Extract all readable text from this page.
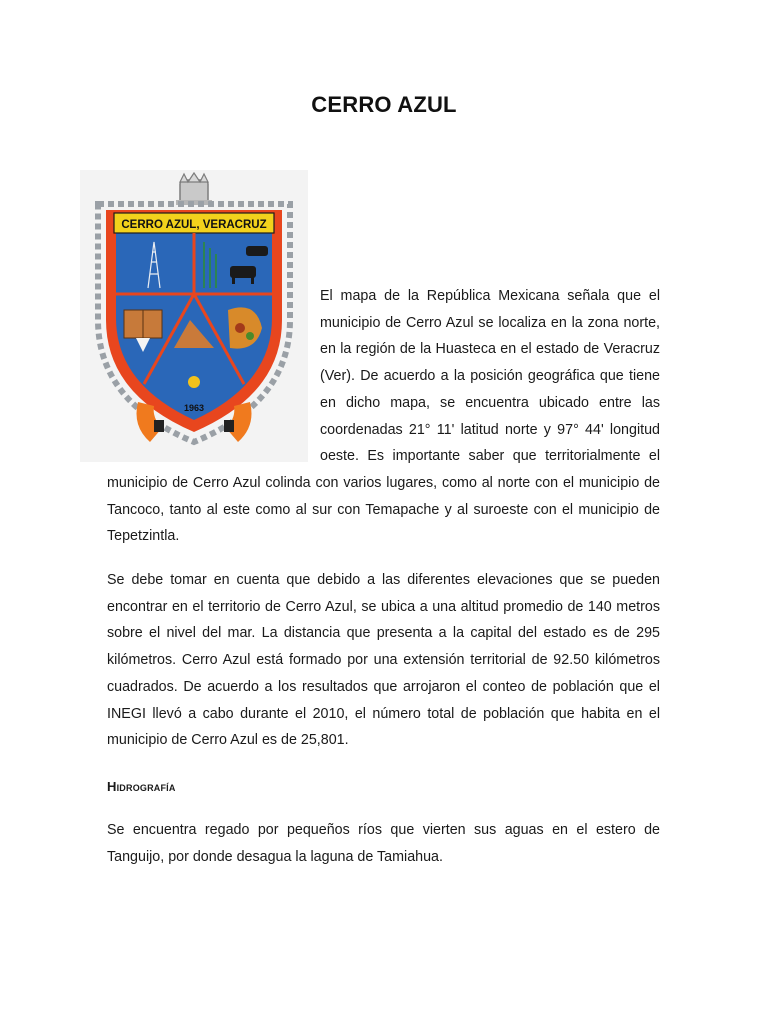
CERRO AZUL
CERRO AZUL, VERACRUZ
1963

El mapa de la República Mexicana señala que el municipio de Cerro Azul se localiza en la zona norte, en la región de la Huasteca en el estado de Veracruz (Ver). De acuerdo a la posición geográfica que tiene en dicho mapa, se encuentra ubicado entre las coordenadas 21° 11' latitud norte y 97° 44' longitud oeste. Es importante saber que territorialmente el municipio de Cerro Azul colinda con varios lugares, como al norte con el municipio de Tancoco, tanto al este como al sur con Temapache y al suroeste con el municipio de Tepetzintla.

Se debe tomar en cuenta que debido a las diferentes elevaciones que se pueden encontrar en el territorio de Cerro Azul, se ubica a una altitud promedio de 140 metros sobre el nivel del mar. La distancia que presenta a la capital del estado es de 295 kilómetros. Cerro Azul está formado por una extensión territorial de 92.50 kilómetros cuadrados. De acuerdo a los resultados que arrojaron el conteo de población que el INEGI llevó a cabo durante el 2010, el número total de población que habita en el municipio de Cerro Azul es de 25,801.

Hidrografía

Se encuentra regado por pequeños ríos que vierten sus aguas en el estero de Tanguijo, por donde desagua la laguna de Tamiahua.
